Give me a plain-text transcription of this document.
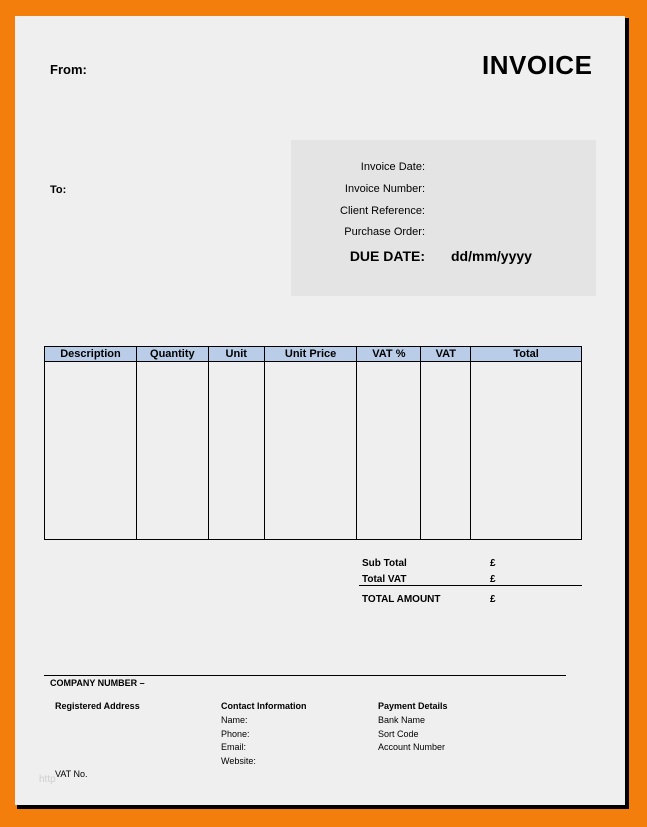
From:	INVOICE
To:
Invoice Date:
Invoice Number:
Client Reference:
Purchase Order:
DUE DATE: dd/mm/yyyy
Description	Quantity	Unit	Unit Price	VAT %	VAT	Total

Sub Total	£
Total VAT	£
TOTAL AMOUNT	£
COMPANY NUMBER –
Registered Address
VAT No.
Contact Information
Name:
Phone:
Email:
Website:
Payment Details
Bank Name
Sort Code
Account Number
http
